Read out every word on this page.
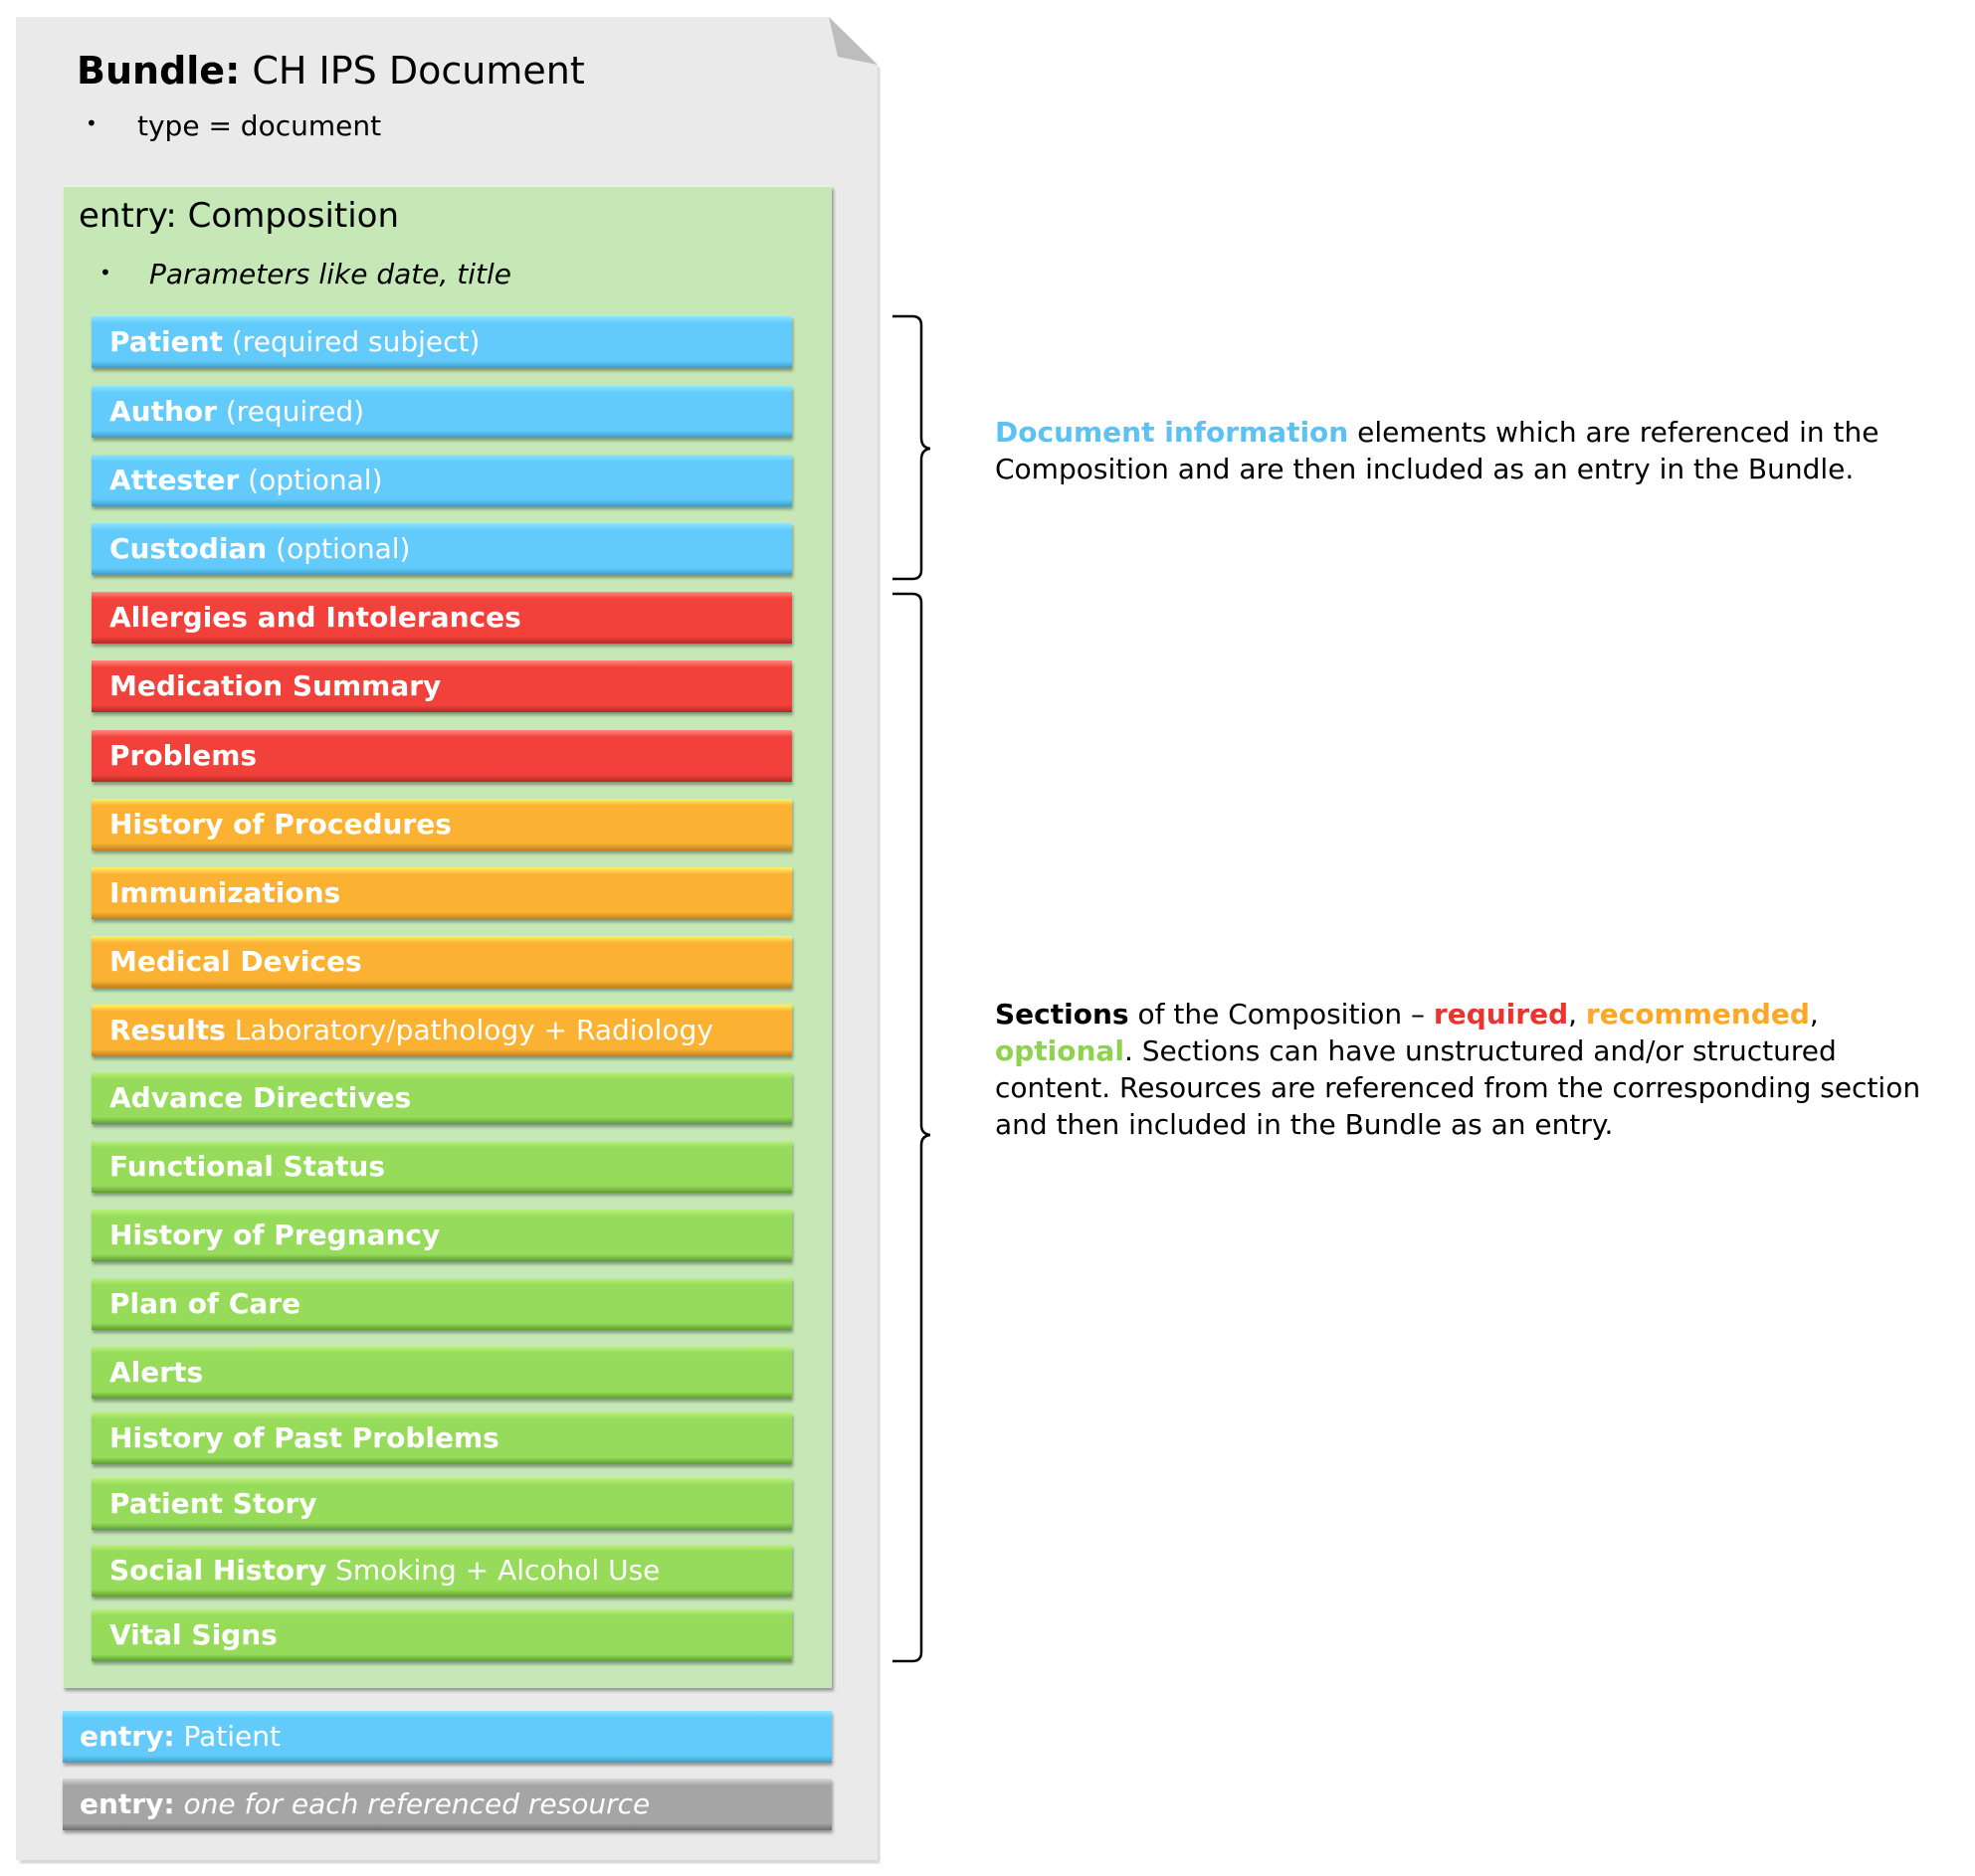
Bundle: CH IPS Document
• type = document
entry: Composition
• Parameters like date, title
Patient (required subject)
Author (required)
Attester (optional)
Custodian (optional)
Allergies and Intolerances
Medication Summary
Problems
History of Procedures
Immunizations
Medical Devices
Results Laboratory/pathology + Radiology
Advance Directives
Functional Status
History of Pregnancy
Plan of Care
Alerts
History of Past Problems
Patient Story
Social History Smoking + Alcohol Use
Vital Signs
entry: Patient
entry: one for each referenced resource
Document information elements which are referenced in the
Composition and are then included as an entry in the Bundle.
Sections of the Composition – required, recommended,
optional. Sections can have unstructured and/or structured content. Resources are referenced from the corresponding section and then included in the Bundle as an entry.
